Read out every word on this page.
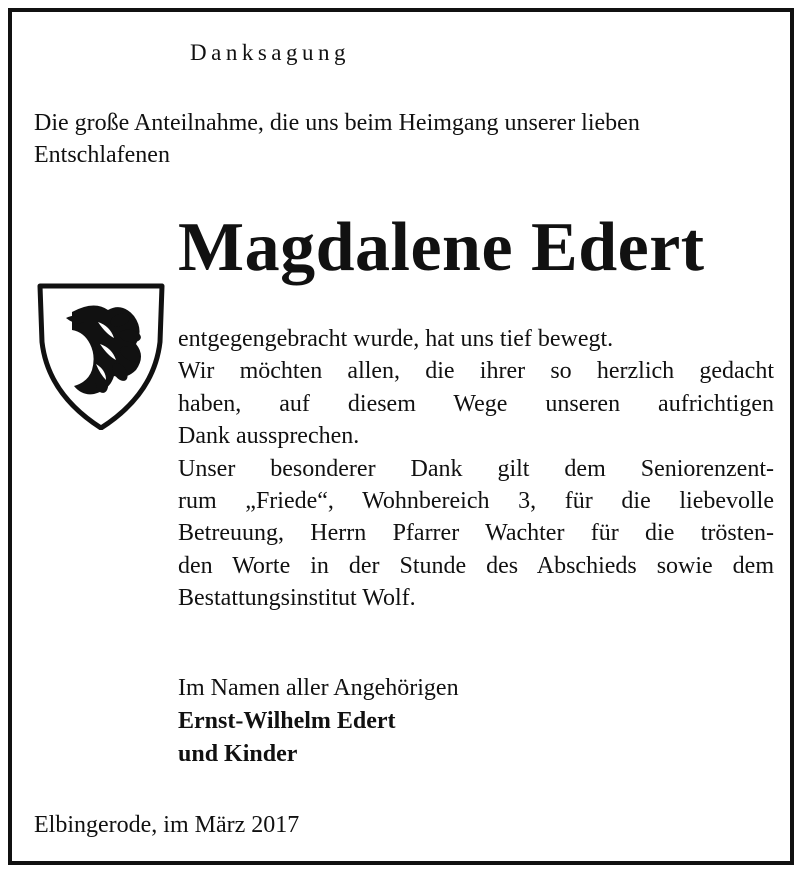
Danksagung

Die große Anteilnahme, die uns beim Heimgang unserer lieben Entschlafenen

Magdalene Edert

entgegengebracht wurde, hat uns tief bewegt.
Wir möchten allen, die ihrer so herzlich gedacht
haben, auf diesem Wege unseren aufrichtigen
Dank aussprechen.
Unser besonderer Dank gilt dem Seniorenzent-
rum „Friede“, Wohnbereich 3, für die liebevolle
Betreuung, Herrn Pfarrer Wachter für die trösten-
den Worte in der Stunde des Abschieds sowie dem
Bestattungsinstitut Wolf.

Im Namen aller Angehörigen
Ernst-Wilhelm Edert
und Kinder
Elbingerode, im März 2017
